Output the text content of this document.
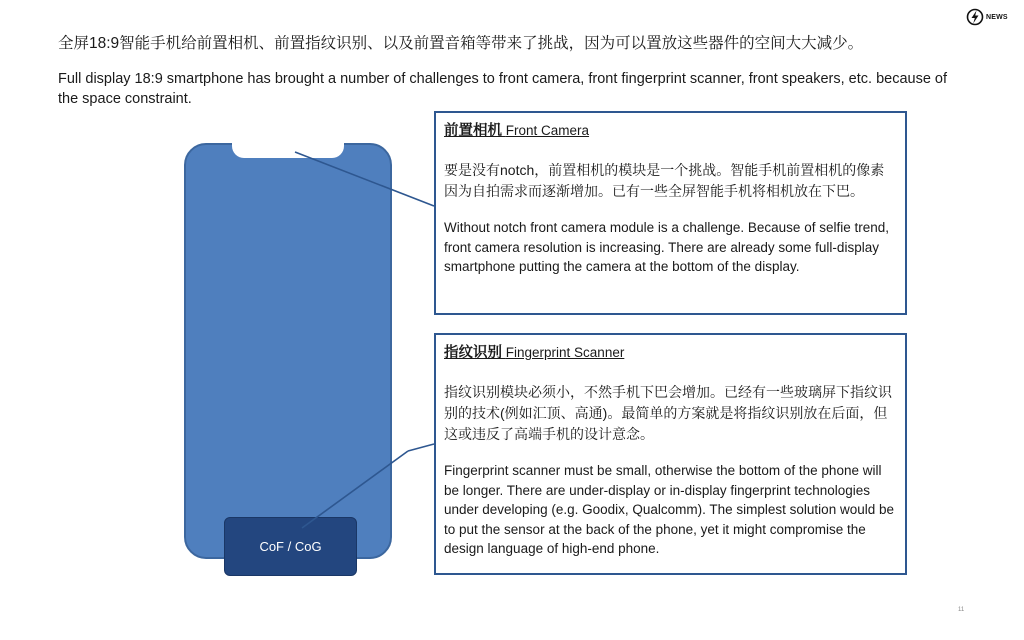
NEWS
全屏18:9智能手机给前置相机、前置指纹识别、以及前置音箱等带来了挑战，因为可以置放这些器件的空间大大减少。
Full display 18:9 smartphone has brought a number of challenges to front camera, front fingerprint scanner, front speakers, etc. because of the space constraint.
CoF / CoG
前置相机 Front Camera
要是没有notch，前置相机的模块是一个挑战。智能手机前置相机的像素因为自拍需求而逐渐增加。已有一些全屏智能手机将相机放在下巴。
Without notch front camera module is a challenge. Because of selfie trend, front camera resolution is increasing. There are already some full-display smartphone putting the camera at the bottom of the display.
指纹识别 Fingerprint Scanner
指纹识别模块必须小，不然手机下巴会增加。已经有一些玻璃屏下指纹识别的技术(例如汇顶、高通)。最简单的方案就是将指纹识别放在后面，但这或违反了高端手机的设计意念。
Fingerprint scanner must be small, otherwise the bottom of the phone will be longer. There are under-display or in-display fingerprint technologies under developing (e.g. Goodix, Qualcomm). The simplest solution would be to put the sensor at the back of the phone, yet it might compromise the design language of high-end phone.
11
